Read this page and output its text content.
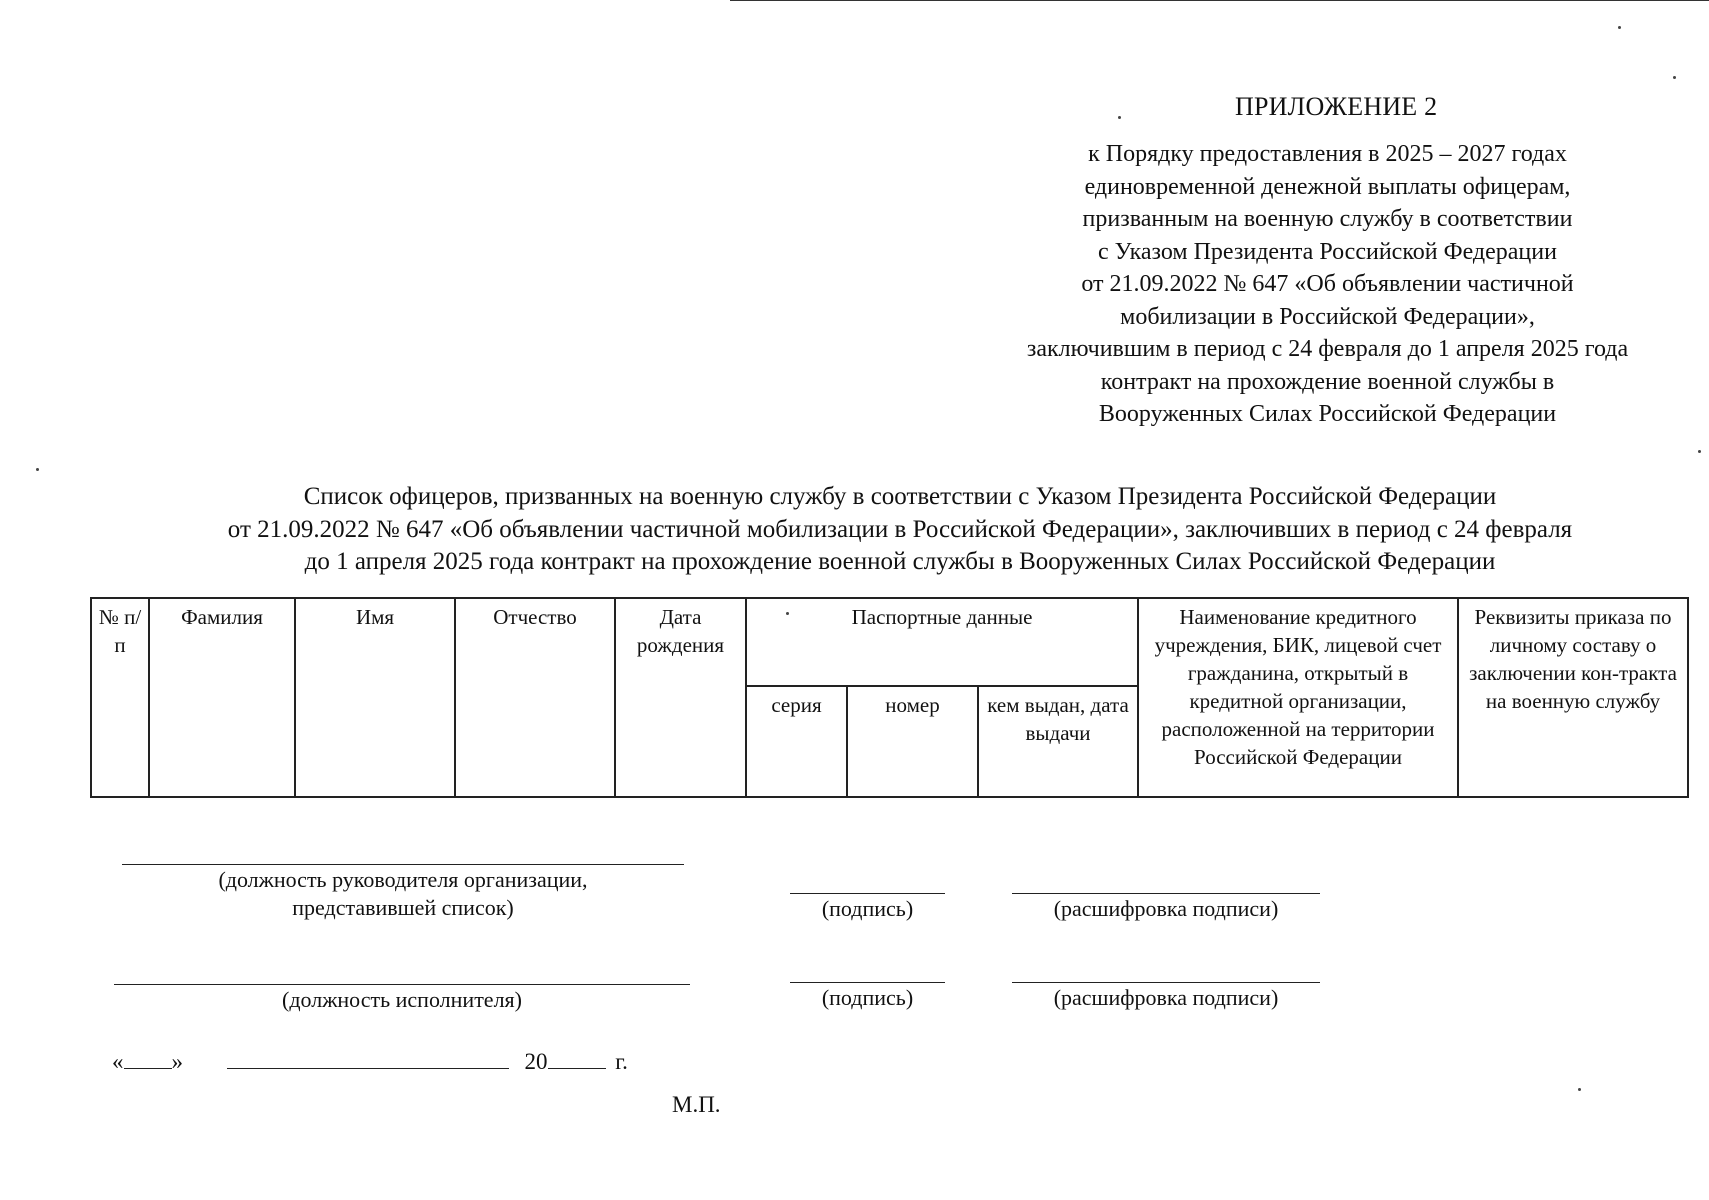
ПРИЛОЖЕНИЕ 2
к Порядку предоставления в 2025 – 2027 годах
единовременной денежной выплаты офицерам,
призванным на военную службу в соответствии
с Указом Президента Российской Федерации
от 21.09.2022 № 647 «Об объявлении частичной
мобилизации в Российской Федерации»,
заключившим в период с 24 февраля до 1 апреля 2025 года
контракт на прохождение военной службы в
Вооруженных Силах Российской Федерации
Список офицеров, призванных на военную службу в соответствии с Указом Президента Российской Федерации
от 21.09.2022 № 647 «Об объявлении частичной мобилизации в Российской Федерации», заключивших в период с 24 февраля
до 1 апреля 2025 года контракт на прохождение военной службы в Вооруженных Силах Российской Федерации
№ п/п	Фамилия	Имя	Отчество	Дата рождения	Паспортные данные			Наименование кредитного учреждения, БИК, лицевой счет гражданина, открытый в кредитной организации, расположенной на территории Российской Федерации	Реквизиты приказа по личному составу о заключении кон-тракта на военную службу
					серия	номер	кем выдан, дата выдачи		
(должность руководителя организации,
представившей список)	(подпись)	(расшифровка подписи)
(должность исполнителя)	(подпись)	(расшифровка подписи)
« »	20	г.
М.П.
